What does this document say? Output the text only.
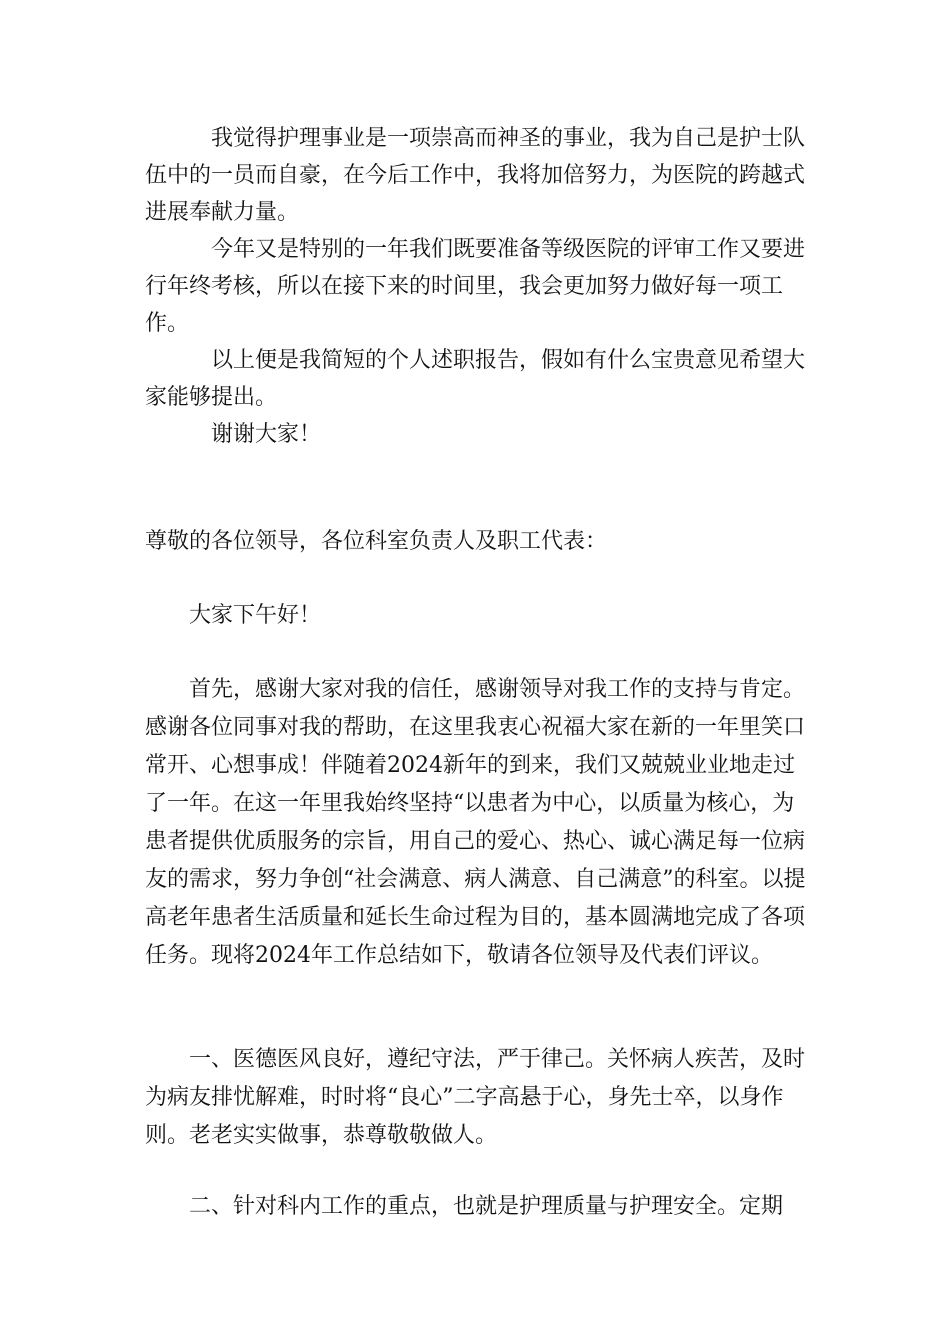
我觉得护理事业是一项崇高而神圣的事业，我为自己是护士队伍中的一员而自豪，在今后工作中，我将加倍努力，为医院的跨越式进展奉献力量。

今年又是特别的一年我们既要准备等级医院的评审工作又要进行年终考核，所以在接下来的时间里，我会更加努力做好每一项工作。

以上便是我简短的个人述职报告，假如有什么宝贵意见希望大家能够提出。

谢谢大家！

尊敬的各位领导，各位科室负责人及职工代表：

大家下午好！

首先，感谢大家对我的信任，感谢领导对我工作的支持与肯定。感谢各位同事对我的帮助，在这里我衷心祝福大家在新的一年里笑口常开、心想事成！伴随着2024新年的到来，我们又兢兢业业地走过了一年。在这一年里我始终坚持“以患者为中心，以质量为核心，为患者提供优质服务的宗旨，用自己的爱心、热心、诚心满足每一位病友的需求，努力争创“社会满意、病人满意、自己满意”的科室。以提高老年患者生活质量和延长生命过程为目的，基本圆满地完成了各项任务。现将2024年工作总结如下，敬请各位领导及代表们评议。

一、医德医风良好，遵纪守法，严于律己。关怀病人疾苦，及时为病友排忧解难，时时将“良心”二字高悬于心，身先士卒，以身作则。老老实实做事，恭尊敬敬做人。

二、针对科内工作的重点，也就是护理质量与护理安全。定期
